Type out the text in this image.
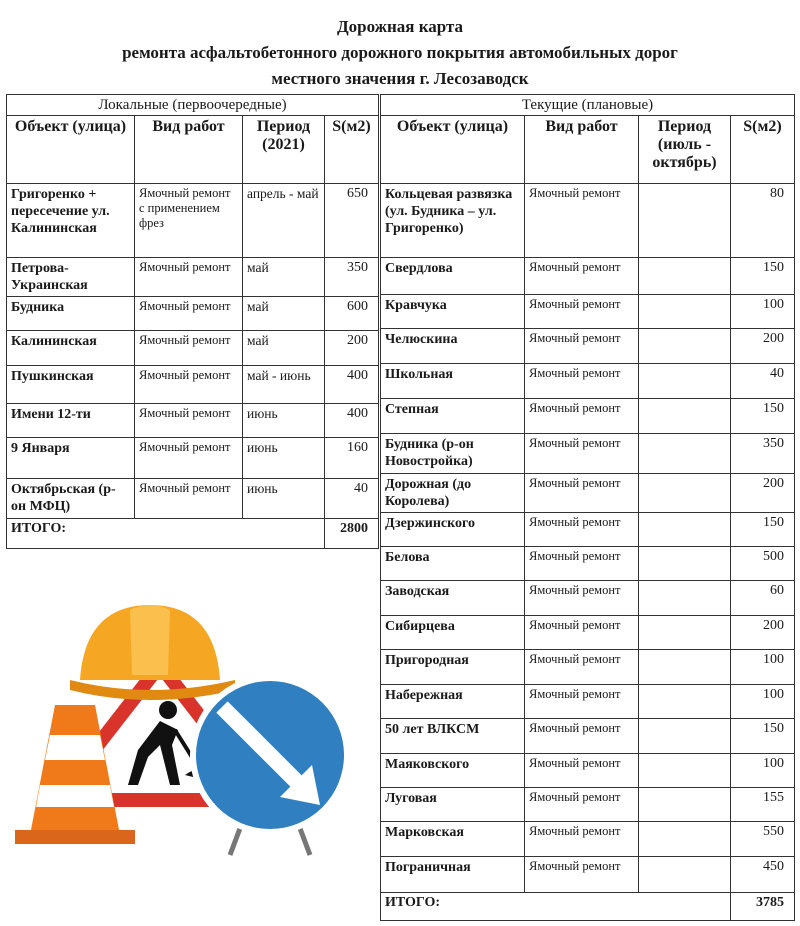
Дорожная карта
ремонта асфальтобетонного дорожного покрытия автомобильных дорог
местного значения г. Лесозаводск
Локальные (первоочередные)			
Объект (улица)	Вид работ	Период (2021)	S(м2)
Григоренко + пересечение ул. Калининская	Ямочный ремонт с применением фрез	апрель - май	650
Петрова-Украинская	Ямочный ремонт	май	350
Будника	Ямочный ремонт	май	600
Калининская	Ямочный ремонт	май	200
Пушкинская	Ямочный ремонт	май - июнь	400
Имени 12-ти	Ямочный ремонт	июнь	400
9 Января	Ямочный ремонт	июнь	160
Октябрьская (р-он МФЦ)	Ямочный ремонт	июнь	40
ИТОГО:			2800
Текущие (плановые)			
Объект (улица)	Вид работ	Период (июль - октябрь)	S(м2)
Кольцевая развязка (ул. Будника – ул. Григоренко)	Ямочный ремонт		80
Свердлова	Ямочный ремонт		150
Кравчука	Ямочный ремонт		100
Челюскина	Ямочный ремонт		200
Школьная	Ямочный ремонт		40
Степная	Ямочный ремонт		150
Будника (р-он Новостройка)	Ямочный ремонт		350
Дорожная (до Королева)	Ямочный ремонт		200
Дзержинского	Ямочный ремонт		150
Белова	Ямочный ремонт		500
Заводская	Ямочный ремонт		60
Сибирцева	Ямочный ремонт		200
Пригородная	Ямочный ремонт		100
Набережная	Ямочный ремонт		100
50 лет ВЛКСМ	Ямочный ремонт		150
Маяковского	Ямочный ремонт		100
Луговая	Ямочный ремонт		155
Марковская	Ямочный ремонт		550
Пограничная	Ямочный ремонт		450
ИТОГО:			3785
